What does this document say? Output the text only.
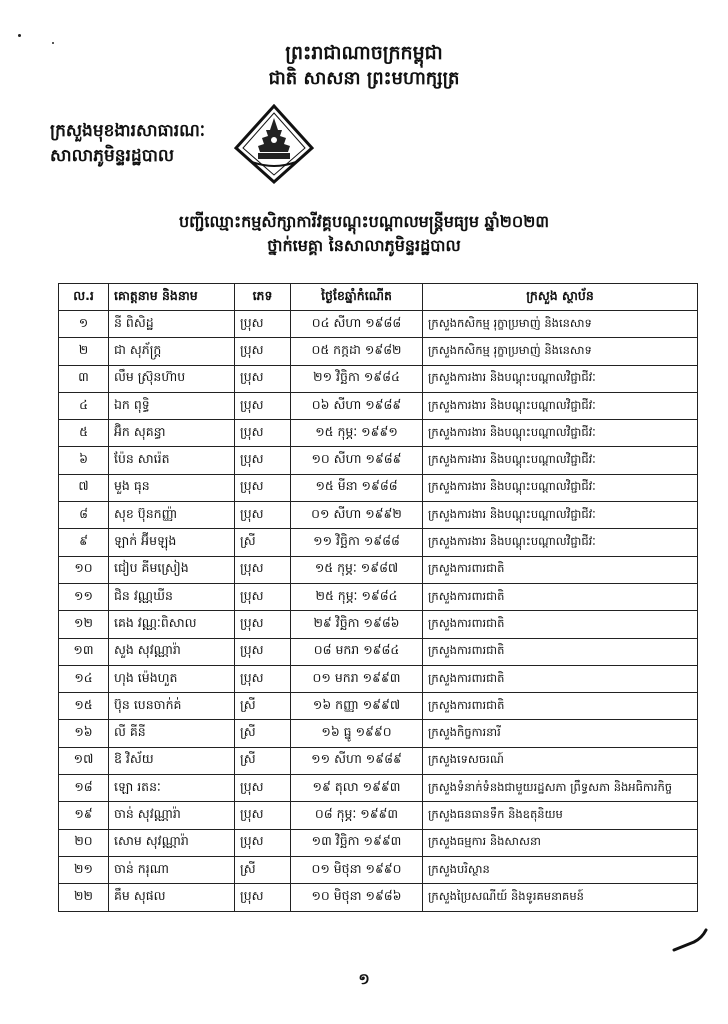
ព្រះរាជាណាចក្រកម្ពុជា
ជាតិ សាសនា ព្រះមហាក្សត្រ
ក្រសួងមុខងារសាធារណៈ
សាលាភូមិន្ទរដ្ឋបាល
បញ្ជីឈ្មោះកម្មសិក្សាការីវគ្គបណ្តុះបណ្តាលមន្ត្រីមធ្យម ឆ្នាំ២០២៣
ថ្នាក់មេគ្គា នៃសាលាភូមិន្ទរដ្ឋបាល
ល.រ	គោត្តនាម និងនាម	ភេទ	ថ្ងៃខែឆ្នាំកំណើត	ក្រសួង ស្ថាប័ន
១	នី ពិសិដ្ឋ	ប្រុស	០៤ សីហា ១៩៨៨	ក្រសួងកសិកម្ម រុក្ខាប្រមាញ់ និងនេសាទ
២	ជា សុភ័ក្រ្ត	ប្រុស	០៥ កក្កដា ១៩៨២	ក្រសួងកសិកម្ម រុក្ខាប្រមាញ់ និងនេសាទ
៣	លឹម ស្រ៊ុនហ៊ាប	ប្រុស	២១ វិច្ឆិកា ១៩៨៤	ក្រសួងការងារ និងបណ្តុះបណ្តាលវិជ្ជាជីវៈ
៤	ឯក ពុទ្ធិ	ប្រុស	០៦ សីហា ១៩៨៩	ក្រសួងការងារ និងបណ្តុះបណ្តាលវិជ្ជាជីវៈ
៥	អ៊ិក សុគន្ធា	ប្រុស	១៥ កុម្ភៈ ១៩៩១	ក្រសួងការងារ និងបណ្តុះបណ្តាលវិជ្ជាជីវៈ
៦	ប៉ែន សារ៉េត	ប្រុស	១០ សីហា ១៩៨៩	ក្រសួងការងារ និងបណ្តុះបណ្តាលវិជ្ជាជីវៈ
៧	មួង ធុន	ប្រុស	១៥ មីនា ១៩៨៨	ក្រសួងការងារ និងបណ្តុះបណ្តាលវិជ្ជាជីវៈ
៨	សុខ ប៊ុនកញ្ញ៉ា	ប្រុស	០១ សីហា ១៩៩២	ក្រសួងការងារ និងបណ្តុះបណ្តាលវិជ្ជាជីវៈ
៩	ឡាក់ អ៊ីមឡុង	ស្រី	១១ វិច្ឆិកា ១៩៨៨	ក្រសួងការងារ និងបណ្តុះបណ្តាលវិជ្ជាជីវៈ
១០	ជៀប គីមស្រៀង	ប្រុស	១៥ កុម្ភៈ ១៩៨៧	ក្រសួងការពារជាតិ
១១	ជិន វណ្ណឃីន	ប្រុស	២៥ កុម្ភៈ ១៩៨៤	ក្រសួងការពារជាតិ
១២	គេង វណ្ណៈពិសាល	ប្រុស	២៩ វិច្ឆិកា ១៩៨៦	ក្រសួងការពារជាតិ
១៣	សួង សុវណ្ណារ៉ា	ប្រុស	០៨ មករា ១៩៨៤	ក្រសួងការពារជាតិ
១៤	ហុង ម៉េងហួត	ប្រុស	០១ មករា ១៩៩៣	ក្រសួងការពារជាតិ
១៥	ប៊ុន បេនចាក់គ់	ស្រី	១៦ កញ្ញា ១៩៩៧	ក្រសួងការពារជាតិ
១៦	លី គីនី	ស្រី	១៦ ធ្នូ ១៩៩០	ក្រសួងកិច្ចការនារី
១៧	ឱ វិស័យ	ស្រី	១១ សីហា ១៩៨៩	ក្រសួងទេសចរណ៍
១៨	ឡោ រតនៈ	ប្រុស	១៩ តុលា ១៩៩៣	ក្រសួងទំនាក់ទំនងជាមួយរដ្ឋសភា ព្រឹទ្ធសភា និងអធិការកិច្ច
១៩	ចាន់ សុវណ្ណារ៉ា	ប្រុស	០៨ កុម្ភៈ ១៩៩៣	ក្រសួងធនធានទឹក និងឧតុនិយម
២០	សោម សុវណ្ណារ៉ា	ប្រុស	១៣ វិច្ឆិកា ១៩៩៣	ក្រសួងធម្មការ និងសាសនា
២១	ចាន់ ករុណា	ស្រី	០១ មិថុនា ១៩៩០	ក្រសួងបរិស្ថាន
២២	គឹម សុផល	ប្រុស	១០ មិថុនា ១៩៨៦	ក្រសួងប្រៃសណីយ៍ និងទូរគមនាគមន៍
១
